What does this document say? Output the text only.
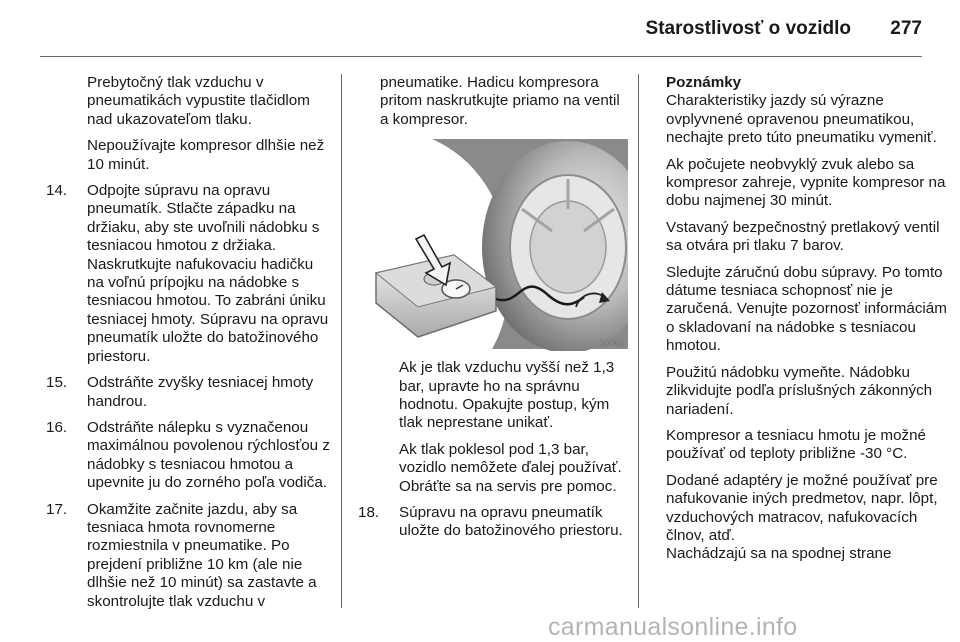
Starostlivosť o vozidlo 277

Prebytočný tlak vzduchu v pneumatikách vypustite tlačidlom nad ukazovateľom tlaku.

Nepoužívajte kompresor dlhšie než 10 minút.

14. Odpojte súpravu na opravu pneumatík. Stlačte západku na držiaku, aby ste uvoľnili nádobku s tesniacou hmotou z držiaka. Naskrutkujte nafukovaciu hadičku na voľnú prípojku na nádobke s tesniacou hmotou. To zabráni úniku tesniacej hmoty. Súpravu na opravu pneumatík uložte do batožinového priestoru.
15. Odstráňte zvyšky tesniacej hmoty handrou.
16. Odstráňte nálepku s vyznačenou maximálnou povolenou rýchlosťou z nádobky s tesniacou hmotou a upevnite ju do zorného poľa vodiča.
17. Okamžite začnite jazdu, aby sa tesniaca hmota rovnomerne rozmiestnila v pneumatike. Po prejdení približne 10 km (ale nie dlhšie než 10 minút) sa zastavte a skontrolujte tlak vzduchu v

pneumatike. Hadicu kompresora pritom naskrutkujte priamo na ventil a kompresor.

30062

Ak je tlak vzduchu vyšší než 1,3 bar, upravte ho na správnu hodnotu. Opakujte postup, kým tlak neprestane unikať.

Ak tlak poklesol pod 1,3 bar, vozidlo nemôžete ďalej používať. Obráťte sa na servis pre pomoc.

18. Súpravu na opravu pneumatík uložte do batožinového priestoru.
Poznámky

Charakteristiky jazdy sú výrazne ovplyvnené opravenou pneumatikou, nechajte preto túto pneumatiku vymeniť.

Ak počujete neobvyklý zvuk alebo sa kompresor zahreje, vypnite kompresor na dobu najmenej 30 minút.

Vstavaný bezpečnostný pretlakový ventil sa otvára pri tlaku 7 barov.

Sledujte záručnú dobu súpravy. Po tomto dátume tesniaca schopnosť nie je zaručená. Venujte pozornosť informáciám o skladovaní na nádobke s tesniacou hmotou.

Použitú nádobku vymeňte. Nádobku zlikvidujte podľa príslušných zákonných nariadení.

Kompresor a tesniacu hmotu je možné používať od teploty približne -30 °C.

Dodané adaptéry je možné používať pre nafukovanie iných predmetov, napr. lôpt, vzduchových matracov, nafukovacích člnov, atď.

Nachádzajú sa na spodnej strane

carmanualsonline.info
